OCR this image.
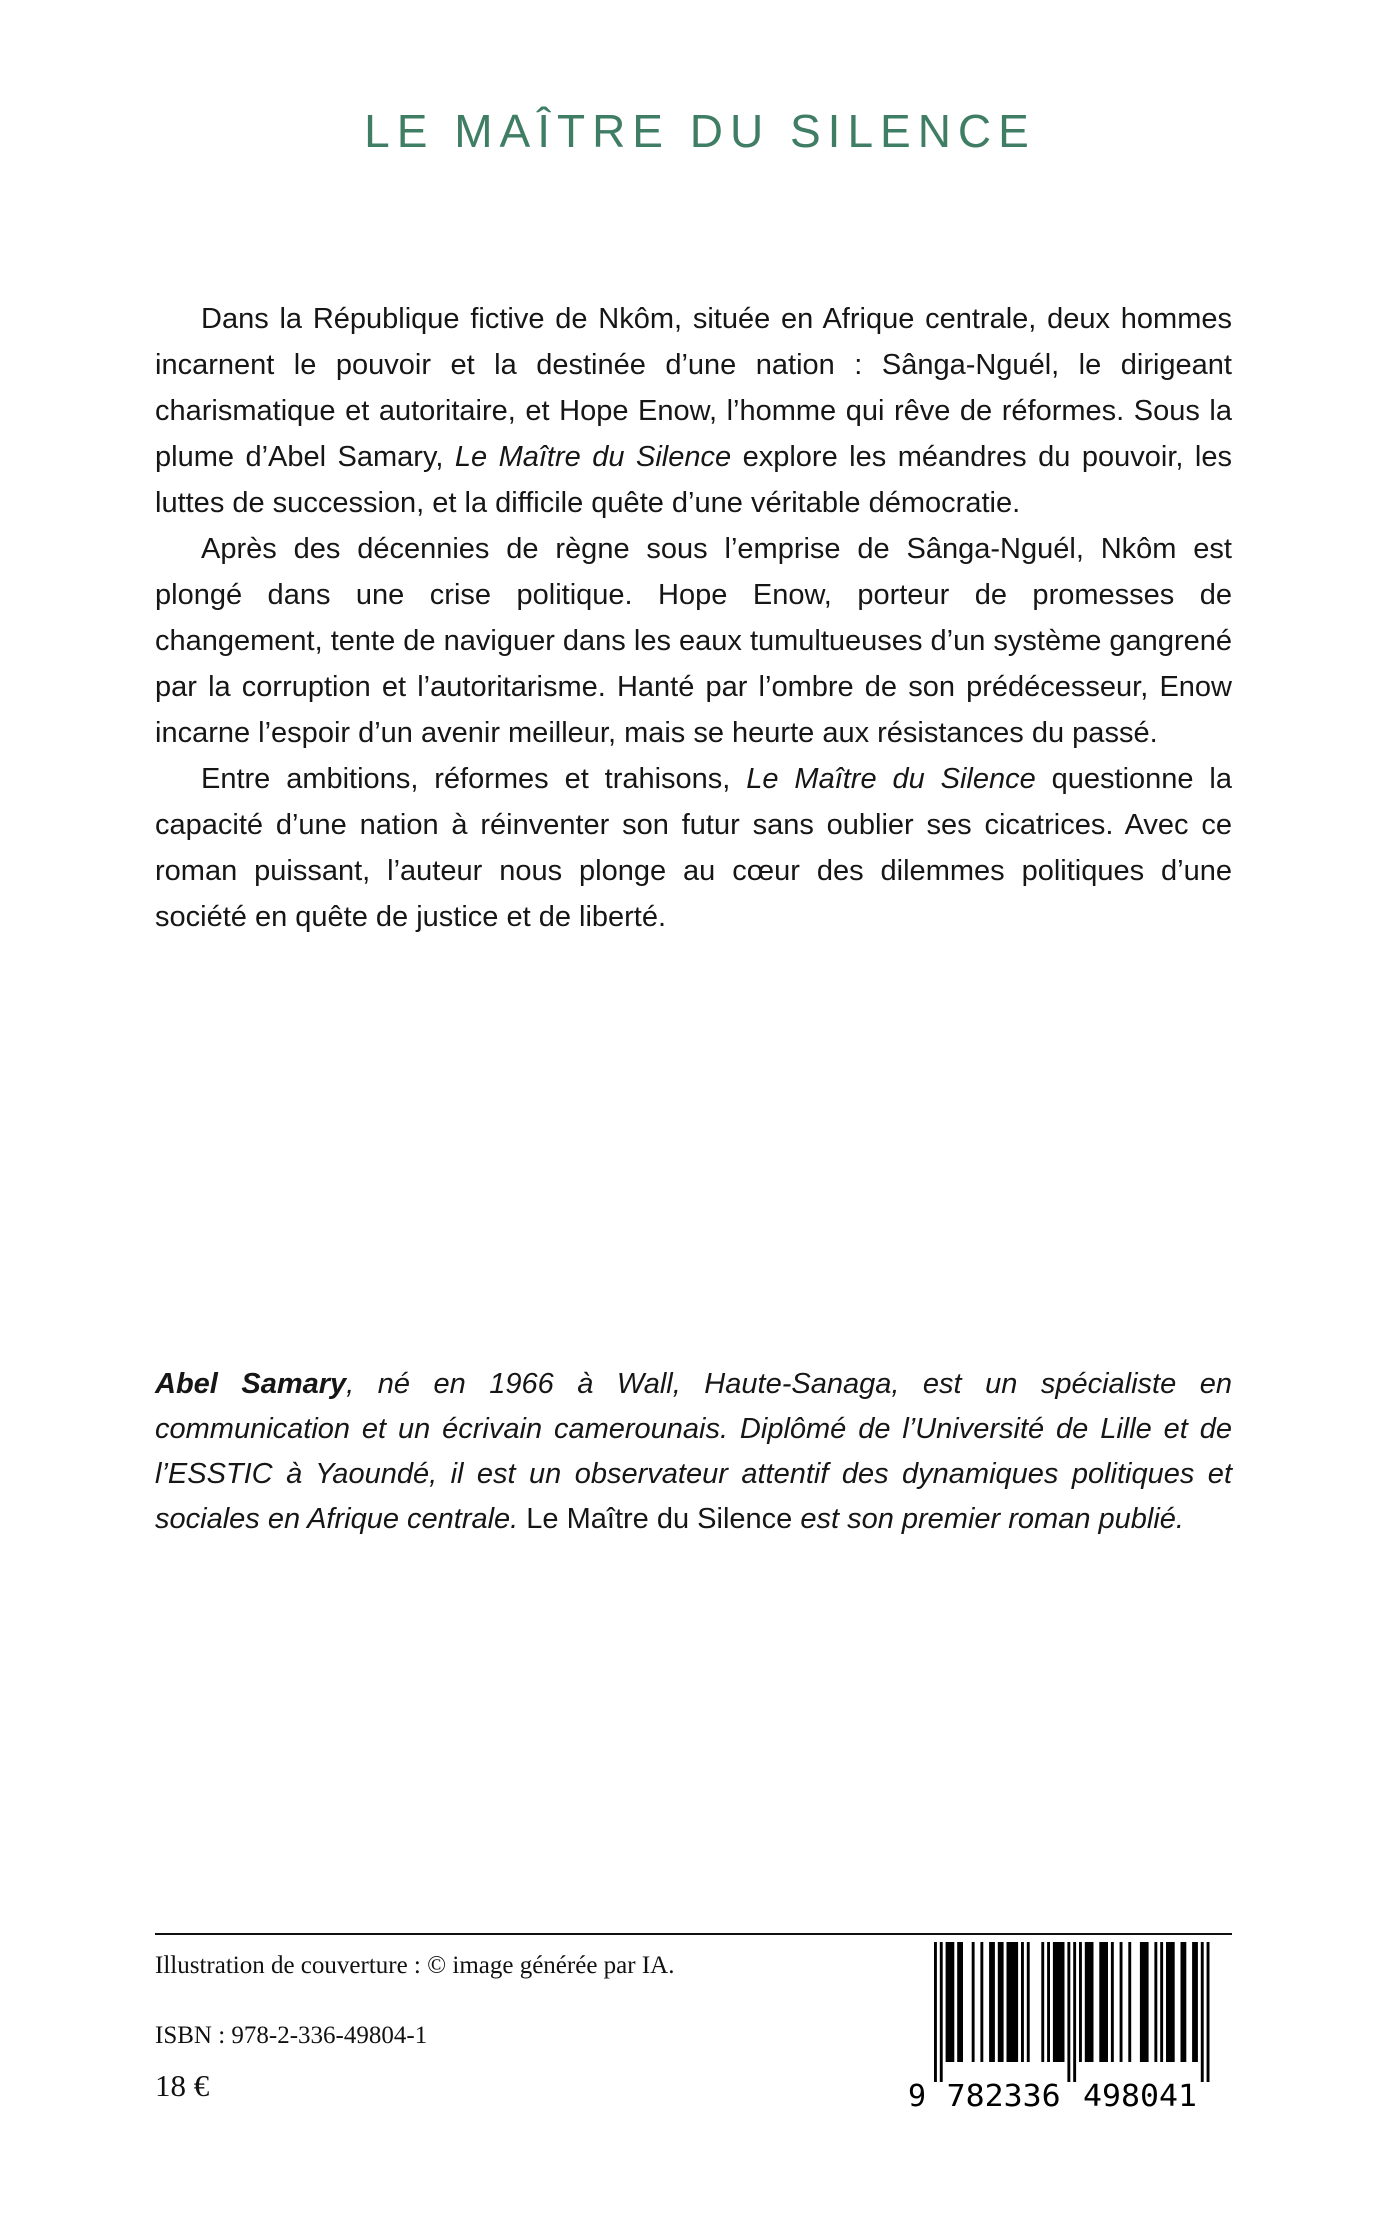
LE MAÎTRE DU SILENCE

Dans la République fictive de Nkôm, située en Afrique centrale, deux hommes incarnent le pouvoir et la destinée d’une nation : Sânga-Nguél, le dirigeant charismatique et autoritaire, et Hope Enow, l’homme qui rêve de réformes. Sous la plume d’Abel Samary, Le Maître du Silence explore les méandres du pouvoir, les luttes de succession, et la difficile quête d’une véritable démocratie.

Après des décennies de règne sous l’emprise de Sânga-Nguél, Nkôm est plongé dans une crise politique. Hope Enow, porteur de promesses de changement, tente de naviguer dans les eaux tumultueuses d’un système gangrené par la corruption et l’autoritarisme. Hanté par l’ombre de son prédécesseur, Enow incarne l’espoir d’un avenir meilleur, mais se heurte aux résistances du passé.

Entre ambitions, réformes et trahisons, Le Maître du Silence questionne la capacité d’une nation à réinventer son futur sans oublier ses cicatrices. Avec ce roman puissant, l’auteur nous plonge au cœur des dilemmes politiques d’une société en quête de justice et de liberté.

Abel Samary, né en 1966 à Wall, Haute-Sanaga, est un spécialiste en communication et un écrivain camerounais. Diplômé de l’Université de Lille et de l’ESSTIC à Yaoundé, il est un observateur attentif des dynamiques politiques et sociales en Afrique centrale. Le Maître du Silence est son premier roman publié.

Illustration de couverture : © image générée par IA.
ISBN : 978-2-336-49804-1
18 €	9 782336 498041
